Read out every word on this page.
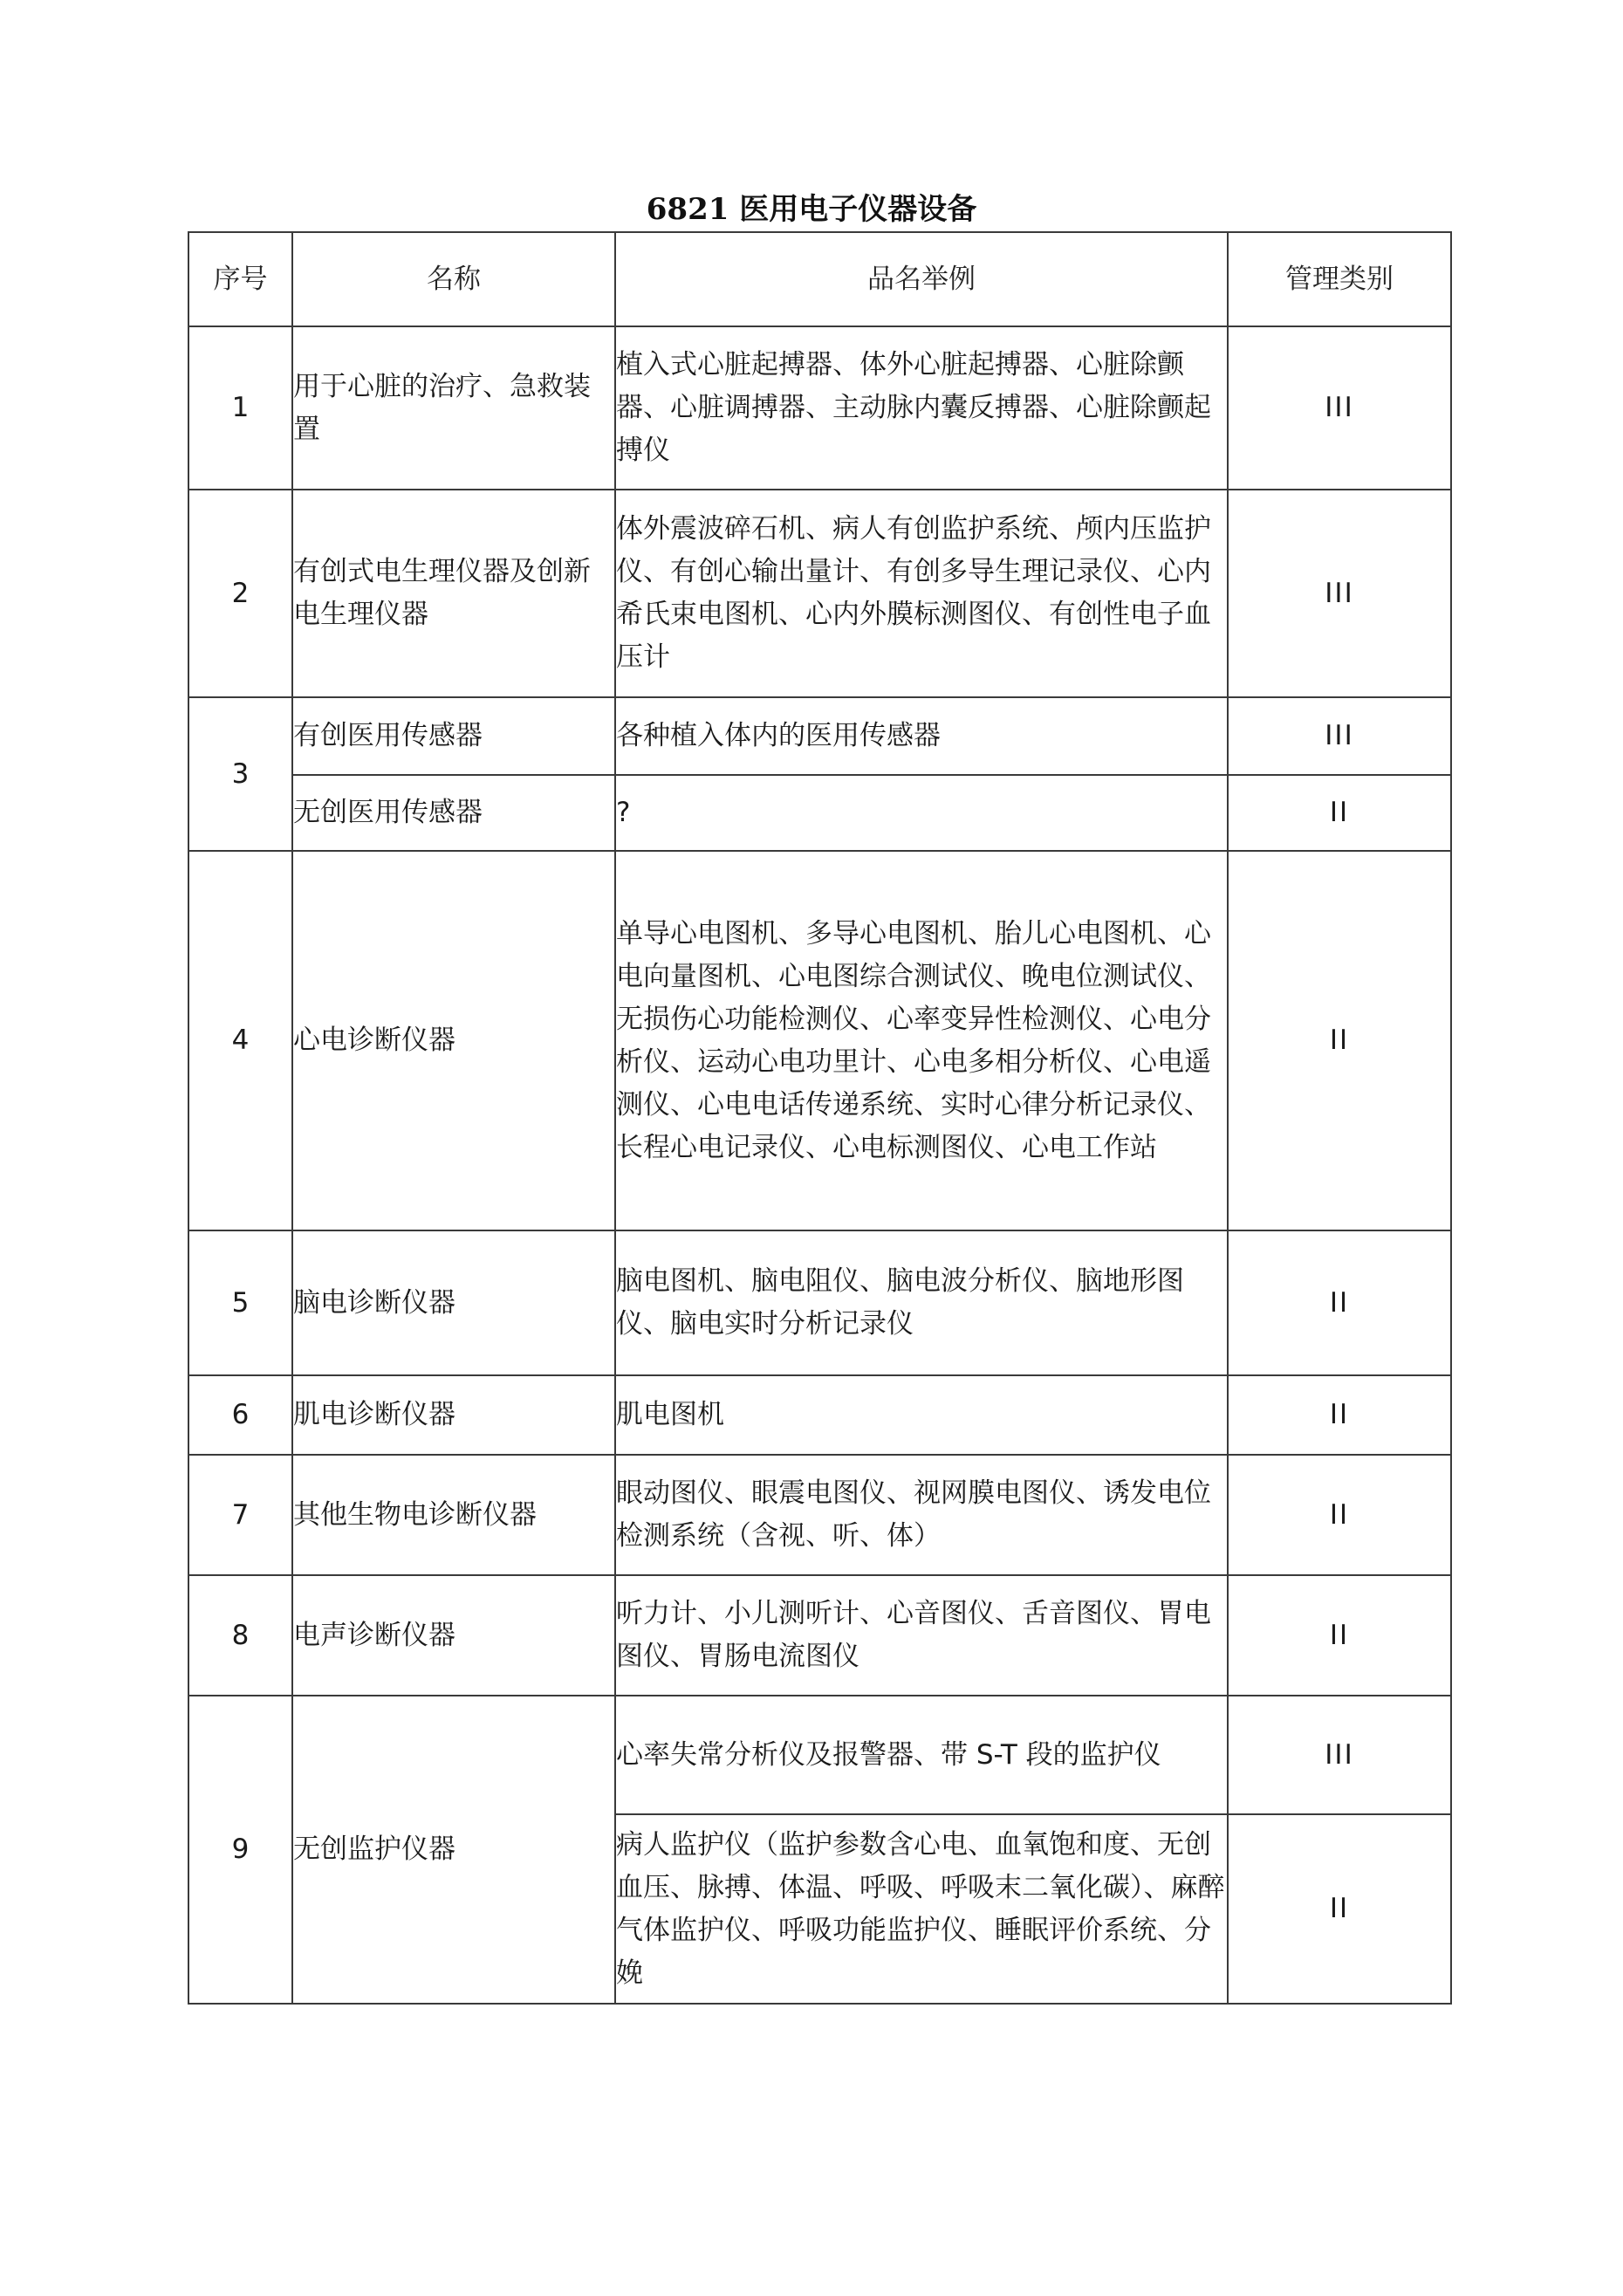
6821 医用电子仪器设备
序号	名称	品名举例	管理类别
1	用于心脏的治疗、急救装置	植入式心脏起搏器、体外心脏起搏器、心脏除颤器、心脏调搏器、主动脉内囊反搏器、心脏除颤起搏仪	III
2	有创式电生理仪器及创新电生理仪器	体外震波碎石机、病人有创监护系统、颅内压监护仪、有创心输出量计、有创多导生理记录仪、心内希氏束电图机、心内外膜标测图仪、有创性电子血压计	III
3	有创医用传感器	各种植入体内的医用传感器	III
	无创医用传感器	?	II
4	心电诊断仪器	单导心电图机、多导心电图机、胎儿心电图机、心电向量图机、心电图综合测试仪、晚电位测试仪、无损伤心功能检测仪、心率变异性检测仪、心电分析仪、运动心电功里计、心电多相分析仪、心电遥测仪、心电电话传递系统、实时心律分析记录仪、长程心电记录仪、心电标测图仪、心电工作站	II
5	脑电诊断仪器	脑电图机、脑电阻仪、脑电波分析仪、脑地形图仪、脑电实时分析记录仪	II
6	肌电诊断仪器	肌电图机	II
7	其他生物电诊断仪器	眼动图仪、眼震电图仪、视网膜电图仪、诱发电位检测系统（含视、听、体）	II
8	电声诊断仪器	听力计、小儿测听计、心音图仪、舌音图仪、胃电图仪、胃肠电流图仪	II
9	无创监护仪器	心率失常分析仪及报警器、带 S-T 段的监护仪	III
		病人监护仪（监护参数含心电、血氧饱和度、无创血压、脉搏、体温、呼吸、呼吸末二氧化碳）、麻醉气体监护仪、呼吸功能监护仪、睡眠评价系统、分娩	II
